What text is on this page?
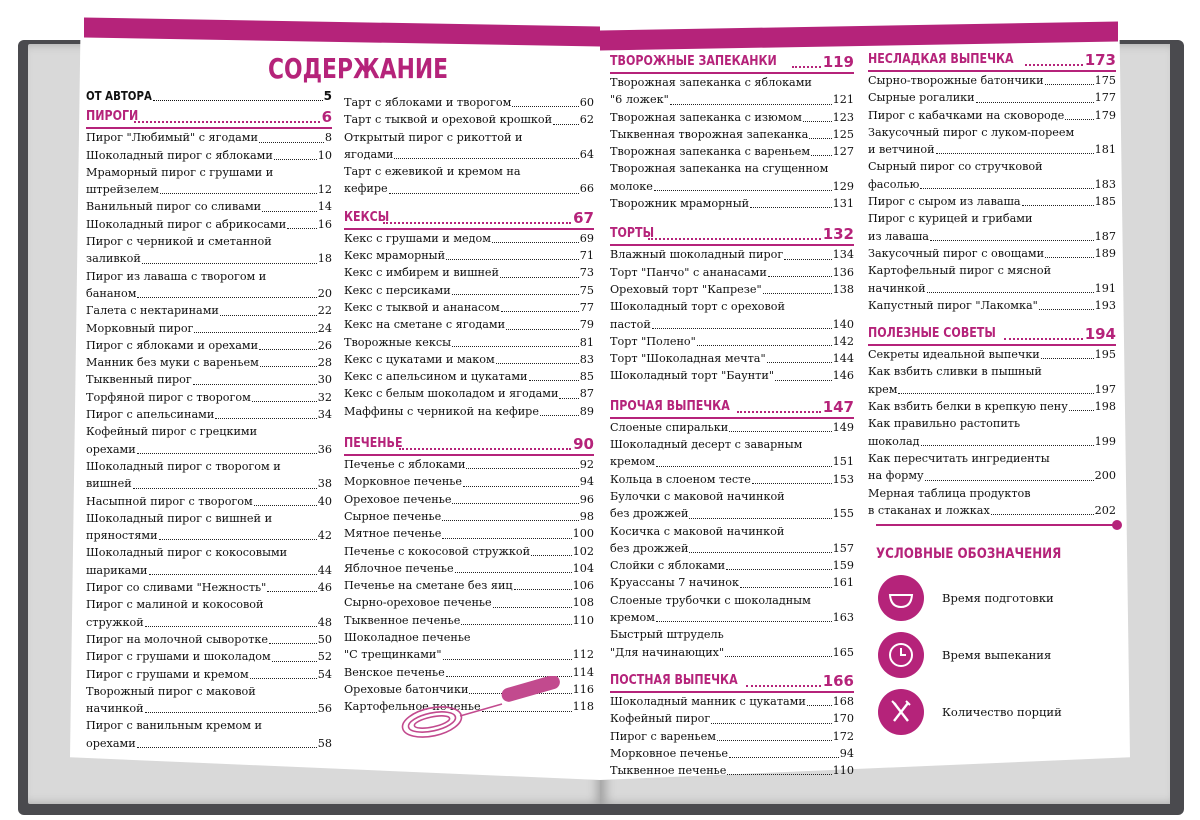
СОДЕРЖАНИЕ
ОТ АВТОРА	5
ПИРОГИ	6
Пирог "Любимый" с ягодами	8
Шоколадный пирог с яблоками	10
Мраморный пирог с грушами и
штрейзелем	12
Ванильный пирог со сливами	14
Шоколадный пирог с абрикосами	16
Пирог с черникой и сметанной
заливкой	18
Пирог из лаваша с творогом и
бананом	20
Галета с нектаринами	22
Морковный пирог	24
Пирог с яблоками и орехами	26
Манник без муки с вареньем	28
Тыквенный пирог	30
Торфяной пирог с творогом	32
Пирог с апельсинами	34
Кофейный пирог с грецкими
орехами	36
Шоколадный пирог с творогом и
вишней	38
Насыпной пирог с творогом	40
Шоколадный пирог с вишней и
пряностями	42
Шоколадный пирог с кокосовыми
шариками	44
Пирог со сливами "Нежность"	46
Пирог с малиной и кокосовой
стружкой	48
Пирог на молочной сыворотке	50
Пирог с грушами и шоколадом	52
Пирог с грушами и кремом	54
Творожный пирог с маковой
начинкой	56
Пирог с ванильным кремом и
орехами	58
Тарт с яблоками и творогом	60
Тарт с тыквой и ореховой крошкой 62
Открытый пирог с рикоттой и
ягодами	64
Тарт с ежевикой и кремом на
кефире	66
КЕКСЫ	67
Кекс с грушами и медом	69
Кекс мраморный	71
Кекс с имбирем и вишней	73
Кекс с персиками	75
Кекс с тыквой и ананасом	77
Кекс на сметане с ягодами	79
Творожные кексы	81
Кекс с цукатами и маком	83
Кекс с апельсином и цукатами	85
Кекс с белым шоколадом и ягодами 87
Маффины с черникой на кефире	89
ПЕЧЕНЬЕ	90
Печенье с яблоками	92
Морковное печенье	94
Ореховое печенье	96
Сырное печенье	98
Мятное печенье	100
Печенье с кокосовой стружкой	102
Яблочное печенье	104
Печенье на сметане без яиц	106
Сырно-ореховое печенье	108
Тыквенное печенье	110
Шоколадное печенье
"С трещинками"	112
Венское печенье	114
Ореховые батончики	116
Картофельное печенье	118
ТВОРОЖНЫЕ ЗАПЕКАНКИ	119
Творожная запеканка с яблоками
"6 ложек"	121
Творожная запеканка с изюмом	123
Тыквенная творожная запеканка 125
Творожная запеканка с вареньем 127
Творожная запеканка на сгущенном
молоке	129
Творожник мраморный	131
ТОРТЫ	132
Влажный шоколадный пирог	134
Торт "Панчо" с ананасами	136
Ореховый торт "Капрезе"	138
Шоколадный торт с ореховой
пастой	140
Торт "Полено"	142
Торт "Шоколадная мечта"	144
Шоколадный торт "Баунти"	146
ПРОЧАЯ ВЫПЕЧКА	147
Слоеные спиральки	149
Шоколадный десерт с заварным
кремом	151
Кольца в слоеном тесте	153
Булочки с маковой начинкой
без дрожжей	155
Косичка с маковой начинкой
без дрожжей	157
Слойки с яблоками	159
Круассаны 7 начинок	161
Слоеные трубочки с шоколадным
кремом	163
Быстрый штрудель
"Для начинающих"	165
ПОСТНАЯ ВЫПЕЧКА	166
Шоколадный манник с цукатами 168
Кофейный пирог	170
Пирог с вареньем	172
Морковное печенье	94
Тыквенное печенье	110
НЕСЛАДКАЯ ВЫПЕЧКА	173
Сырно-творожные батончики	175
Сырные рогалики	177
Пирог с кабачками на сковороде	179
Закусочный пирог с луком-пореем
и ветчиной	181
Сырный пирог со стручковой
фасолью	183
Пирог с сыром из лаваша	185
Пирог с курицей и грибами
из лаваша	187
Закусочный пирог с овощами	189
Картофельный пирог с мясной
начинкой	191
Капустный пирог "Лакомка"	193
ПОЛЕЗНЫЕ СОВЕТЫ	194
Секреты идеальной выпечки	195
Как взбить сливки в пышный
крем	197
Как взбить белки в крепкую пену 198
Как правильно растопить
шоколад	199
Как пересчитать ингредиенты
на форму	200
Мерная таблица продуктов
в стаканах и ложках	202
УСЛОВНЫЕ ОБОЗНАЧЕНИЯ
Время подготовки
Время выпекания
Количество порций
